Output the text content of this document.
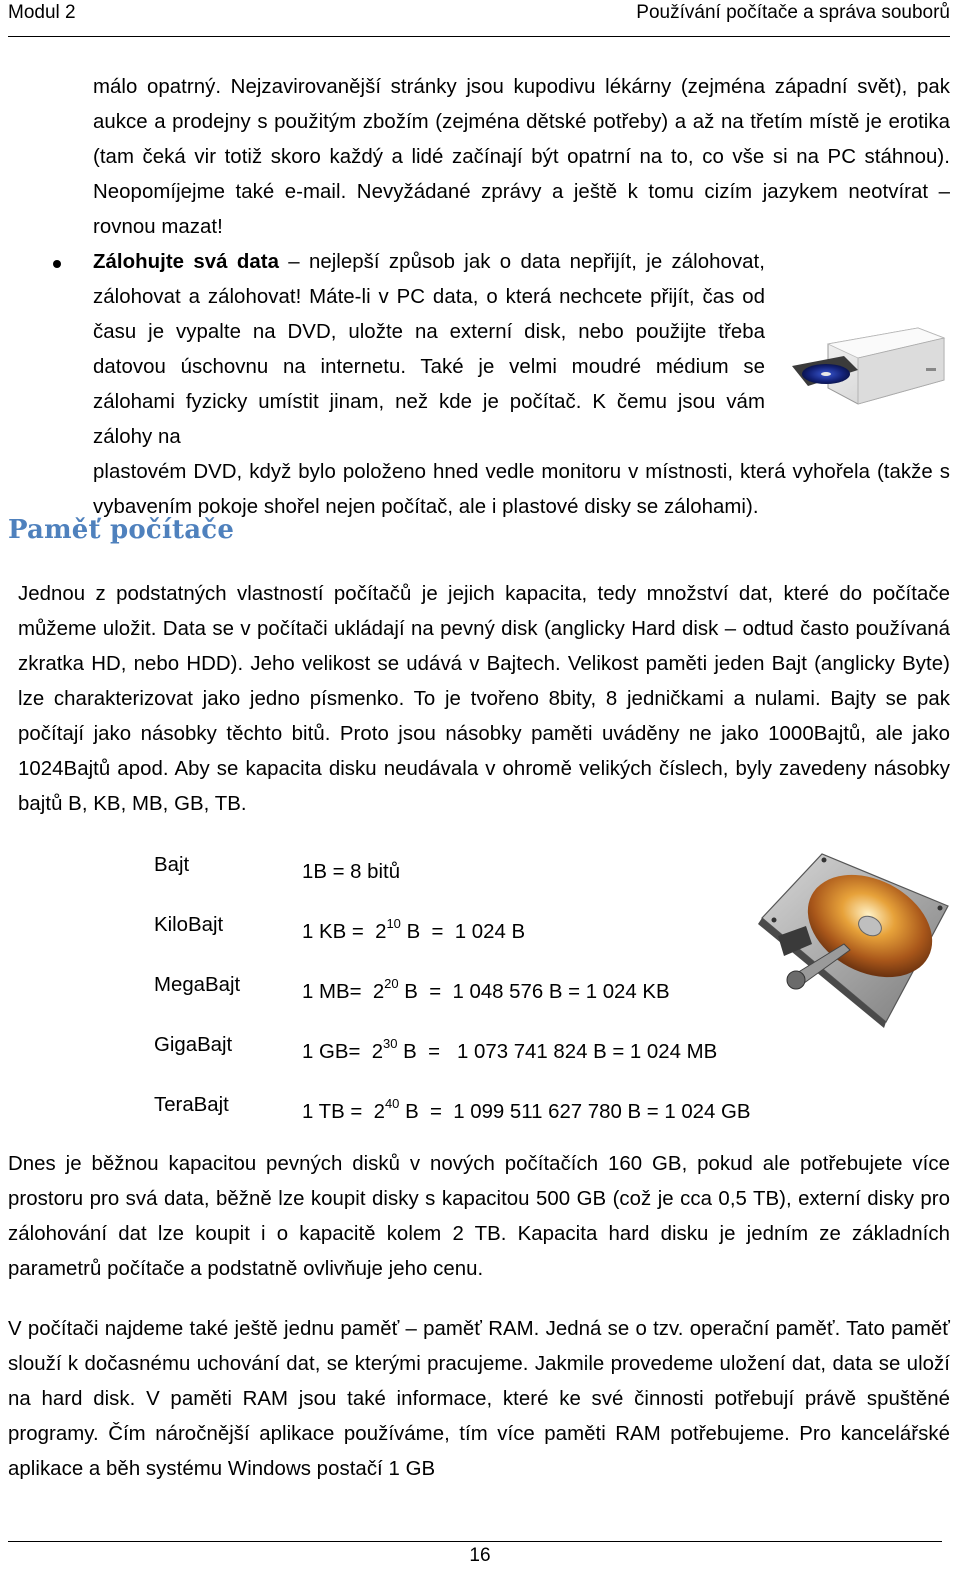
Modul 2	Používání počítače a správa souborů

málo opatrný. Nejzavirovanější stránky jsou kupodivu lékárny (zejména západní svět), pak aukce a prodejny s použitým zbožím (zejména dětské potřeby) a až na třetím místě je erotika (tam čeká vir totiž skoro každý a lidé začínají být opatrní na to, co vše si na PC stáhnou). Neopomíjejme také e-mail. Nevyžádané zprávy a ještě k tomu cizím jazykem neotvírat – rovnou mazat!

Zálohujte svá data – nejlepší způsob jak o data nepřijít, je zálohovat, zálohovat a zálohovat! Máte-li v PC data, o která nechcete přijít, čas od času je vypalte na DVD, uložte na externí disk, nebo použijte třeba datovou úschovnu na internetu. Také je velmi moudré médium se zálohami fyzicky umístit jinam, než kde je počítač. K čemu jsou vám zálohy na

plastovém DVD, když bylo položeno hned vedle monitoru v místnosti, která vyhořela (takže s vybavením pokoje shořel nejen počítač, ale i plastové disky se zálohami).

Paměť počítače

Jednou z podstatných vlastností počítačů je jejich kapacita, tedy množství dat, které do počítače můžeme uložit. Data se v počítači ukládají na pevný disk (anglicky Hard disk – odtud často používaná zkratka HD, nebo HDD). Jeho velikost se udává v Bajtech. Velikost paměti jeden Bajt (anglicky Byte) lze charakterizovat jako jedno písmenko. To je tvořeno 8bity, 8 jedničkami a nulami. Bajty se pak počítají jako násobky těchto bitů. Proto jsou násobky paměti uváděny ne jako 1000Bajtů, ale jako 1024Bajtů apod. Aby se kapacita disku neudávala v ohromě velikých číslech, byly zavedeny násobky bajtů B, KB, MB, GB, TB.

Bajt	1B = 8 bitů
KiloBajt	1 KB =  $2^{10}$ B  =  1 024 B
MegaBajt	1 $MB= 2^{20}$ B  =  1 048 576 B = 1 024 KB
GigaBajt	1 $GB= 2^{30}$ B  =   1 073 741 824 B = 1 024 MB
TeraBajt	1 TB =  $2^{40}$ B  =  1 099 511 627 780 B = 1 024 GB

Dnes je běžnou kapacitou pevných disků v nových počítačích 160 GB, pokud ale potřebujete více prostoru pro svá data, běžně lze koupit disky s kapacitou 500 GB (což je cca 0,5 TB), externí disky pro zálohování dat lze koupit i o kapacitě kolem 2 TB. Kapacita hard disku je jedním ze základních parametrů počítače a podstatně ovlivňuje jeho cenu.

V počítači najdeme také ještě jednu paměť – paměť RAM. Jedná se o tzv. operační paměť. Tato paměť slouží k dočasnému uchování dat, se kterými pracujeme. Jakmile provedeme uložení dat, data se uloží na hard disk. V paměti RAM jsou také informace, které ke své činnosti potřebují právě spuštěné programy. Čím náročnější aplikace používáme, tím více paměti RAM potřebujeme. Pro kancelářské aplikace a běh systému Windows postačí 1 GB

16
